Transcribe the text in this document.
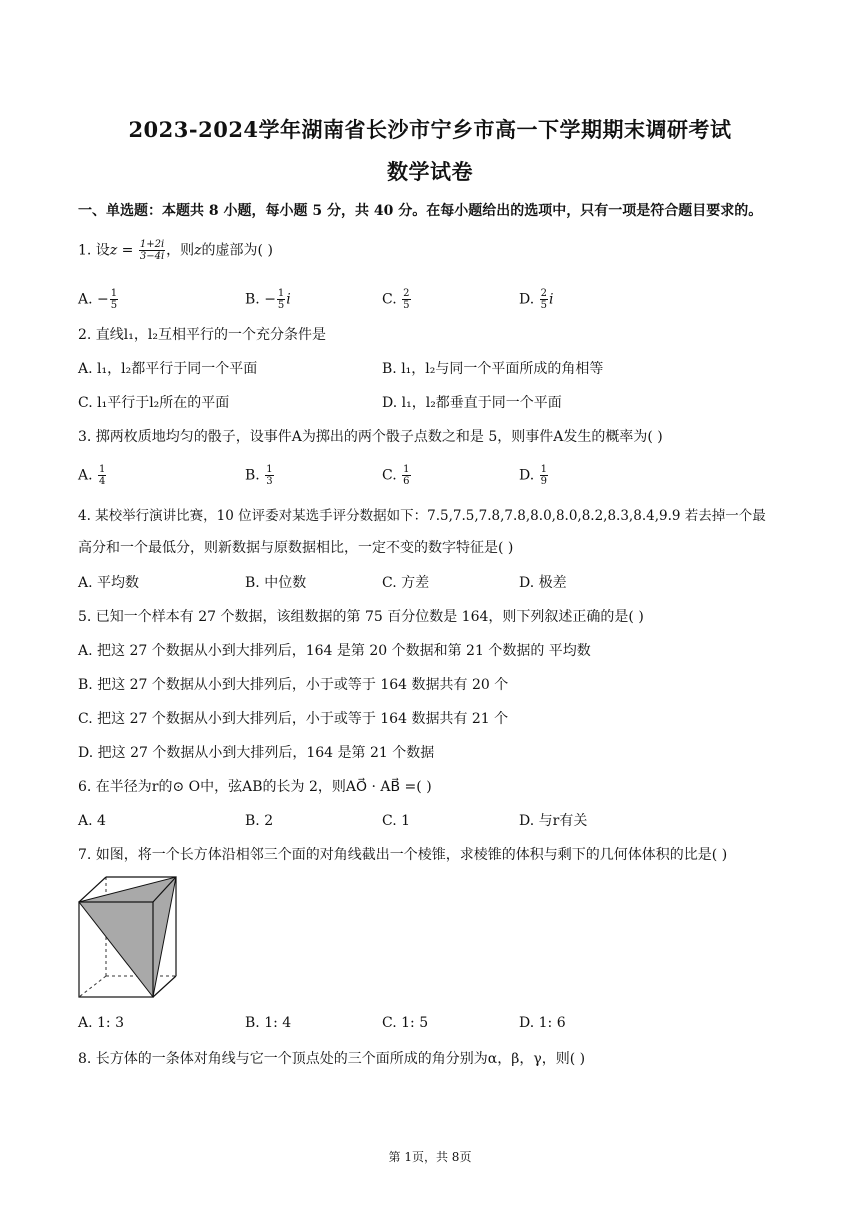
2023-2024学年湖南省长沙市宁乡市高一下学期期末调研考试
数学试卷
一、单选题：本题共 8 小题，每小题 5 分，共 40 分。在每小题给出的选项中，只有一项是符合题目要求的。
1. 设$z = \frac{1+2i}{3-4i}$ ，则z的虚部为( )
A. − $\frac{1}{5}$	B. − $\frac{1}{5}$ i	C. $\frac{2}{5}$	D. $\frac{2}{5}$ i
2. 直线l₁，l₂互相平行的一个充分条件是
A. l₁，l₂都平行于同一个平面	B. l₁，l₂与同一个平面所成的角相等
C. l₁平行于l₂所在的平面	D. l₁，l₂都垂直于同一个平面
3. 掷两枚质地均匀的骰子，设事件A为掷出的两个骰子点数之和是 5，则事件A发生的概率为( )
A. $\frac{1}{4}$	B. $\frac{1}{3}$	C. $\frac{1}{6}$	D. $\frac{1}{9}$
4. 某校举行演讲比赛，10 位评委对某选手评分数据如下：7.5,7.5,7.8,7.8,8.0,8.0,8.2,8.3,8.4,9.9 若去掉一个最
高分和一个最低分，则新数据与原数据相比，一定不变的数字特征是( )
A. 平均数	B. 中位数	C. 方差	D. 极差
5. 已知一个样本有 27 个数据，该组数据的第 75 百分位数是 164，则下列叙述正确的是( )
A. 把这 27 个数据从小到大排列后，164 是第 20 个数据和第 21 个数据的 平均数
B. 把这 27 个数据从小到大排列后，小于或等于 164 数据共有 20 个
C. 把这 27 个数据从小到大排列后，小于或等于 164 数据共有 21 个
D. 把这 27 个数据从小到大排列后，164 是第 21 个数据
6. 在半径为r的⊙ O中，弦AB的长为 2，则AO⃗ · AB⃗ =( )
A. 4	B. 2	C. 1	D. 与r有关
7. 如图，将一个长方体沿相邻三个面的对角线截出一个棱锥，求棱锥的体积与剩下的几何体体积的比是( )
A. 1: 3	B. 1: 4	C. 1: 5	D. 1: 6
8. 长方体的一条体对角线与它一个顶点处的三个面所成的角分别为α，β，γ，则( )
第 1页，共 8页
